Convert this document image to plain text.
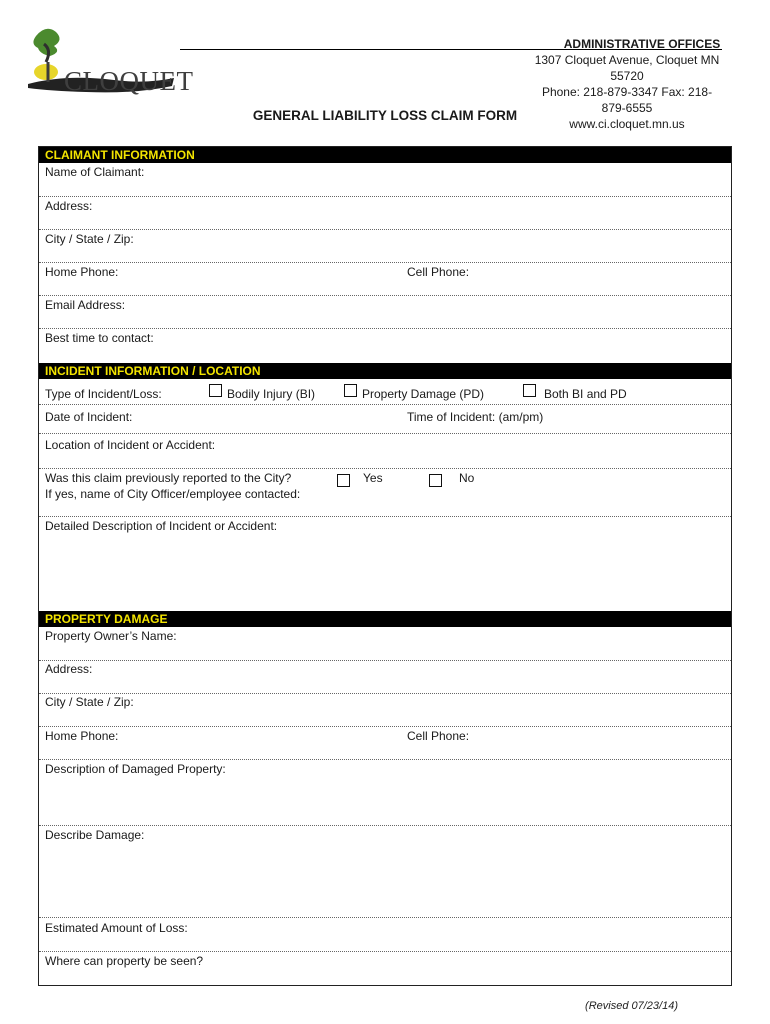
CLOQUET
ADMINISTRATIVE OFFICES
1307 Cloquet Avenue, Cloquet MN 55720
Phone: 218-879-3347 Fax: 218-879-6555
www.ci.cloquet.mn.us
GENERAL LIABILITY LOSS CLAIM FORM
CLAIMANT INFORMATION
Name of Claimant:
Address:
City / State / Zip:
Home Phone:	Cell Phone:
Email Address:
Best time to contact:
INCIDENT INFORMATION / LOCATION
Type of Incident/Loss:	Bodily Injury (BI)	Property Damage (PD)	Both BI and PD
Date of Incident:	Time of Incident: (am/pm)
Location of Incident or Accident:
Was this claim previously reported to the City?
If yes, name of City Officer/employee contacted:
Yes	No
Detailed Description of Incident or Accident:
PROPERTY DAMAGE
Property Owner’s Name:
Address:
City / State / Zip:
Home Phone:	Cell Phone:
Description of Damaged Property:
Describe Damage:
Estimated Amount of Loss:
Where can property be seen?
(Revised 07/23/14)
